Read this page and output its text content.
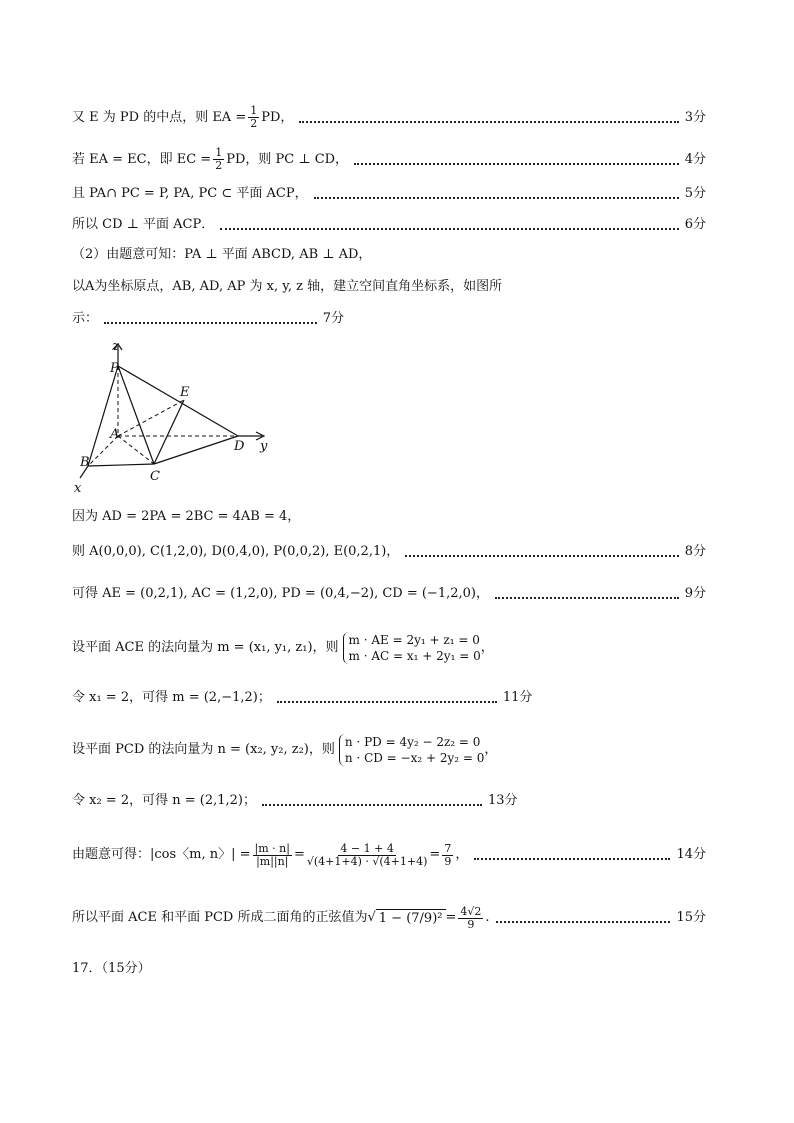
又 E 为 PD 的中点，则 EA = $\frac{1}{2}$ PD，	3分
若 EA = EC，即 EC = $\frac{1}{2}$ PD，则 PC ⊥ CD，	4分
且 PA∩ PC = P, PA, PC ⊂ 平面 ACP，	5分
所以 CD ⊥ 平面 ACP．	6分
（2）由题意可知：PA ⊥ 平面 ABCD, AB ⊥ AD，
以A为坐标原点，AB, AD, AP 为 x, y, z 轴，建立空间直角坐标系，如图所
示：	7分
z
y
x
P
E
A
D
B
C
因为 AD = 2PA = 2BC = 4AB = 4，
则 A(0,0,0), C(1,2,0), D(0,4,0), P(0,0,2), E(0,2,1)，	8分
可得 AE = (0,2,1), AC = (1,2,0), PD = (0,4,−2), CD = (−1,2,0)，	9分
设平面 ACE 的法向量为 m = (x₁, y₁, z₁)，则 m · AE = 2y₁ + z₁ = 0
m · AC = x₁ + 2y₁ = 0
，
令 x₁ = 2，可得 m = (2,−1,2)；	11分
设平面 PCD 的法向量为 n = (x₂, y₂, z₂)，则 n · PD = 4y₂ − 2z₂ = 0
n · CD = −x₂ + 2y₂ = 0
，
令 x₂ = 2，可得 n = (2,1,2)；	13分
由题意可得：|cos〈m, n〉| = $\frac{|m \cdot n|}{|m||n|} = \frac{4 - 1 + 4}{√(4+1+4) \cdot √(4+1+4)} = \frac{7}{9}$ ，	14分
所以平面 ACE 和平面 PCD 所成二面角的正弦值为 √ $1 - (7/9)^2 = \frac{4√2}{9}$ .	15分
17．（15分）
